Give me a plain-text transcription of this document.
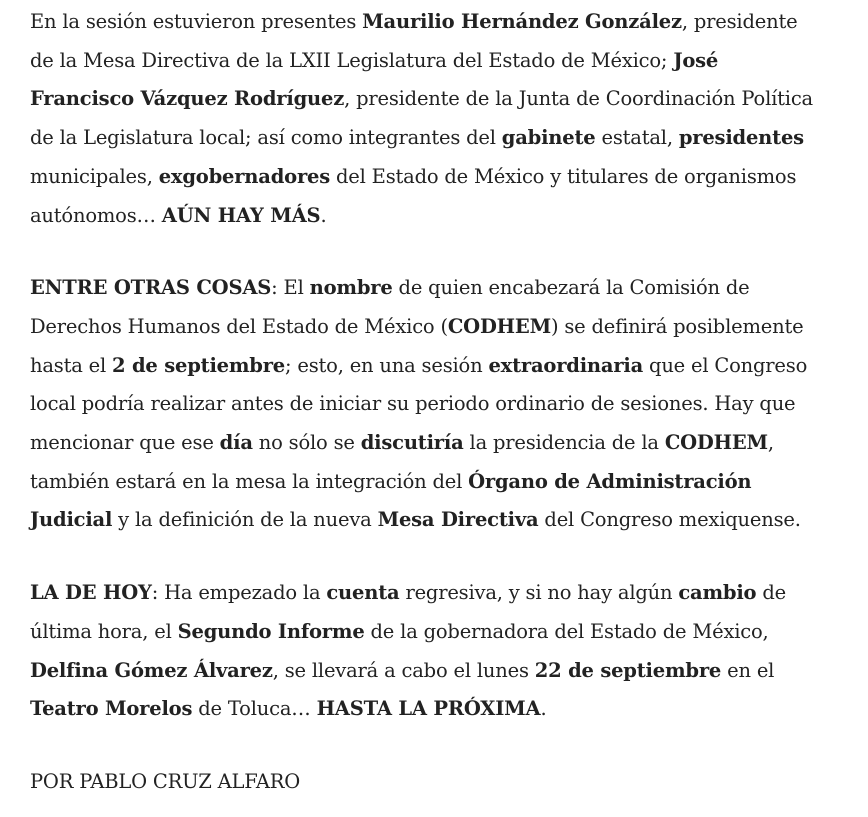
En la sesión estuvieron presentes Maurilio Hernández González, presidente de la Mesa Directiva de la LXII Legislatura del Estado de México; José Francisco Vázquez Rodríguez, presidente de la Junta de Coordinación Política de la Legislatura local; así como integrantes del gabinete estatal, presidentes municipales, exgobernadores del Estado de México y titulares de organismos autónomos… AÚN HAY MÁS.

ENTRE OTRAS COSAS: El nombre de quien encabezará la Comisión de Derechos Humanos del Estado de México (CODHEM) se definirá posiblemente hasta el 2 de septiembre; esto, en una sesión extraordinaria que el Congreso local podría realizar antes de iniciar su periodo ordinario de sesiones. Hay que mencionar que ese día no sólo se discutiría la presidencia de la CODHEM, también estará en la mesa la integración del Órgano de Administración Judicial y la definición de la nueva Mesa Directiva del Congreso mexiquense.

LA DE HOY: Ha empezado la cuenta regresiva, y si no hay algún cambio de última hora, el Segundo Informe de la gobernadora del Estado de México, Delfina Gómez Álvarez, se llevará a cabo el lunes 22 de septiembre en el Teatro Morelos de Toluca… HASTA LA PRÓXIMA.

POR PABLO CRUZ ALFARO
